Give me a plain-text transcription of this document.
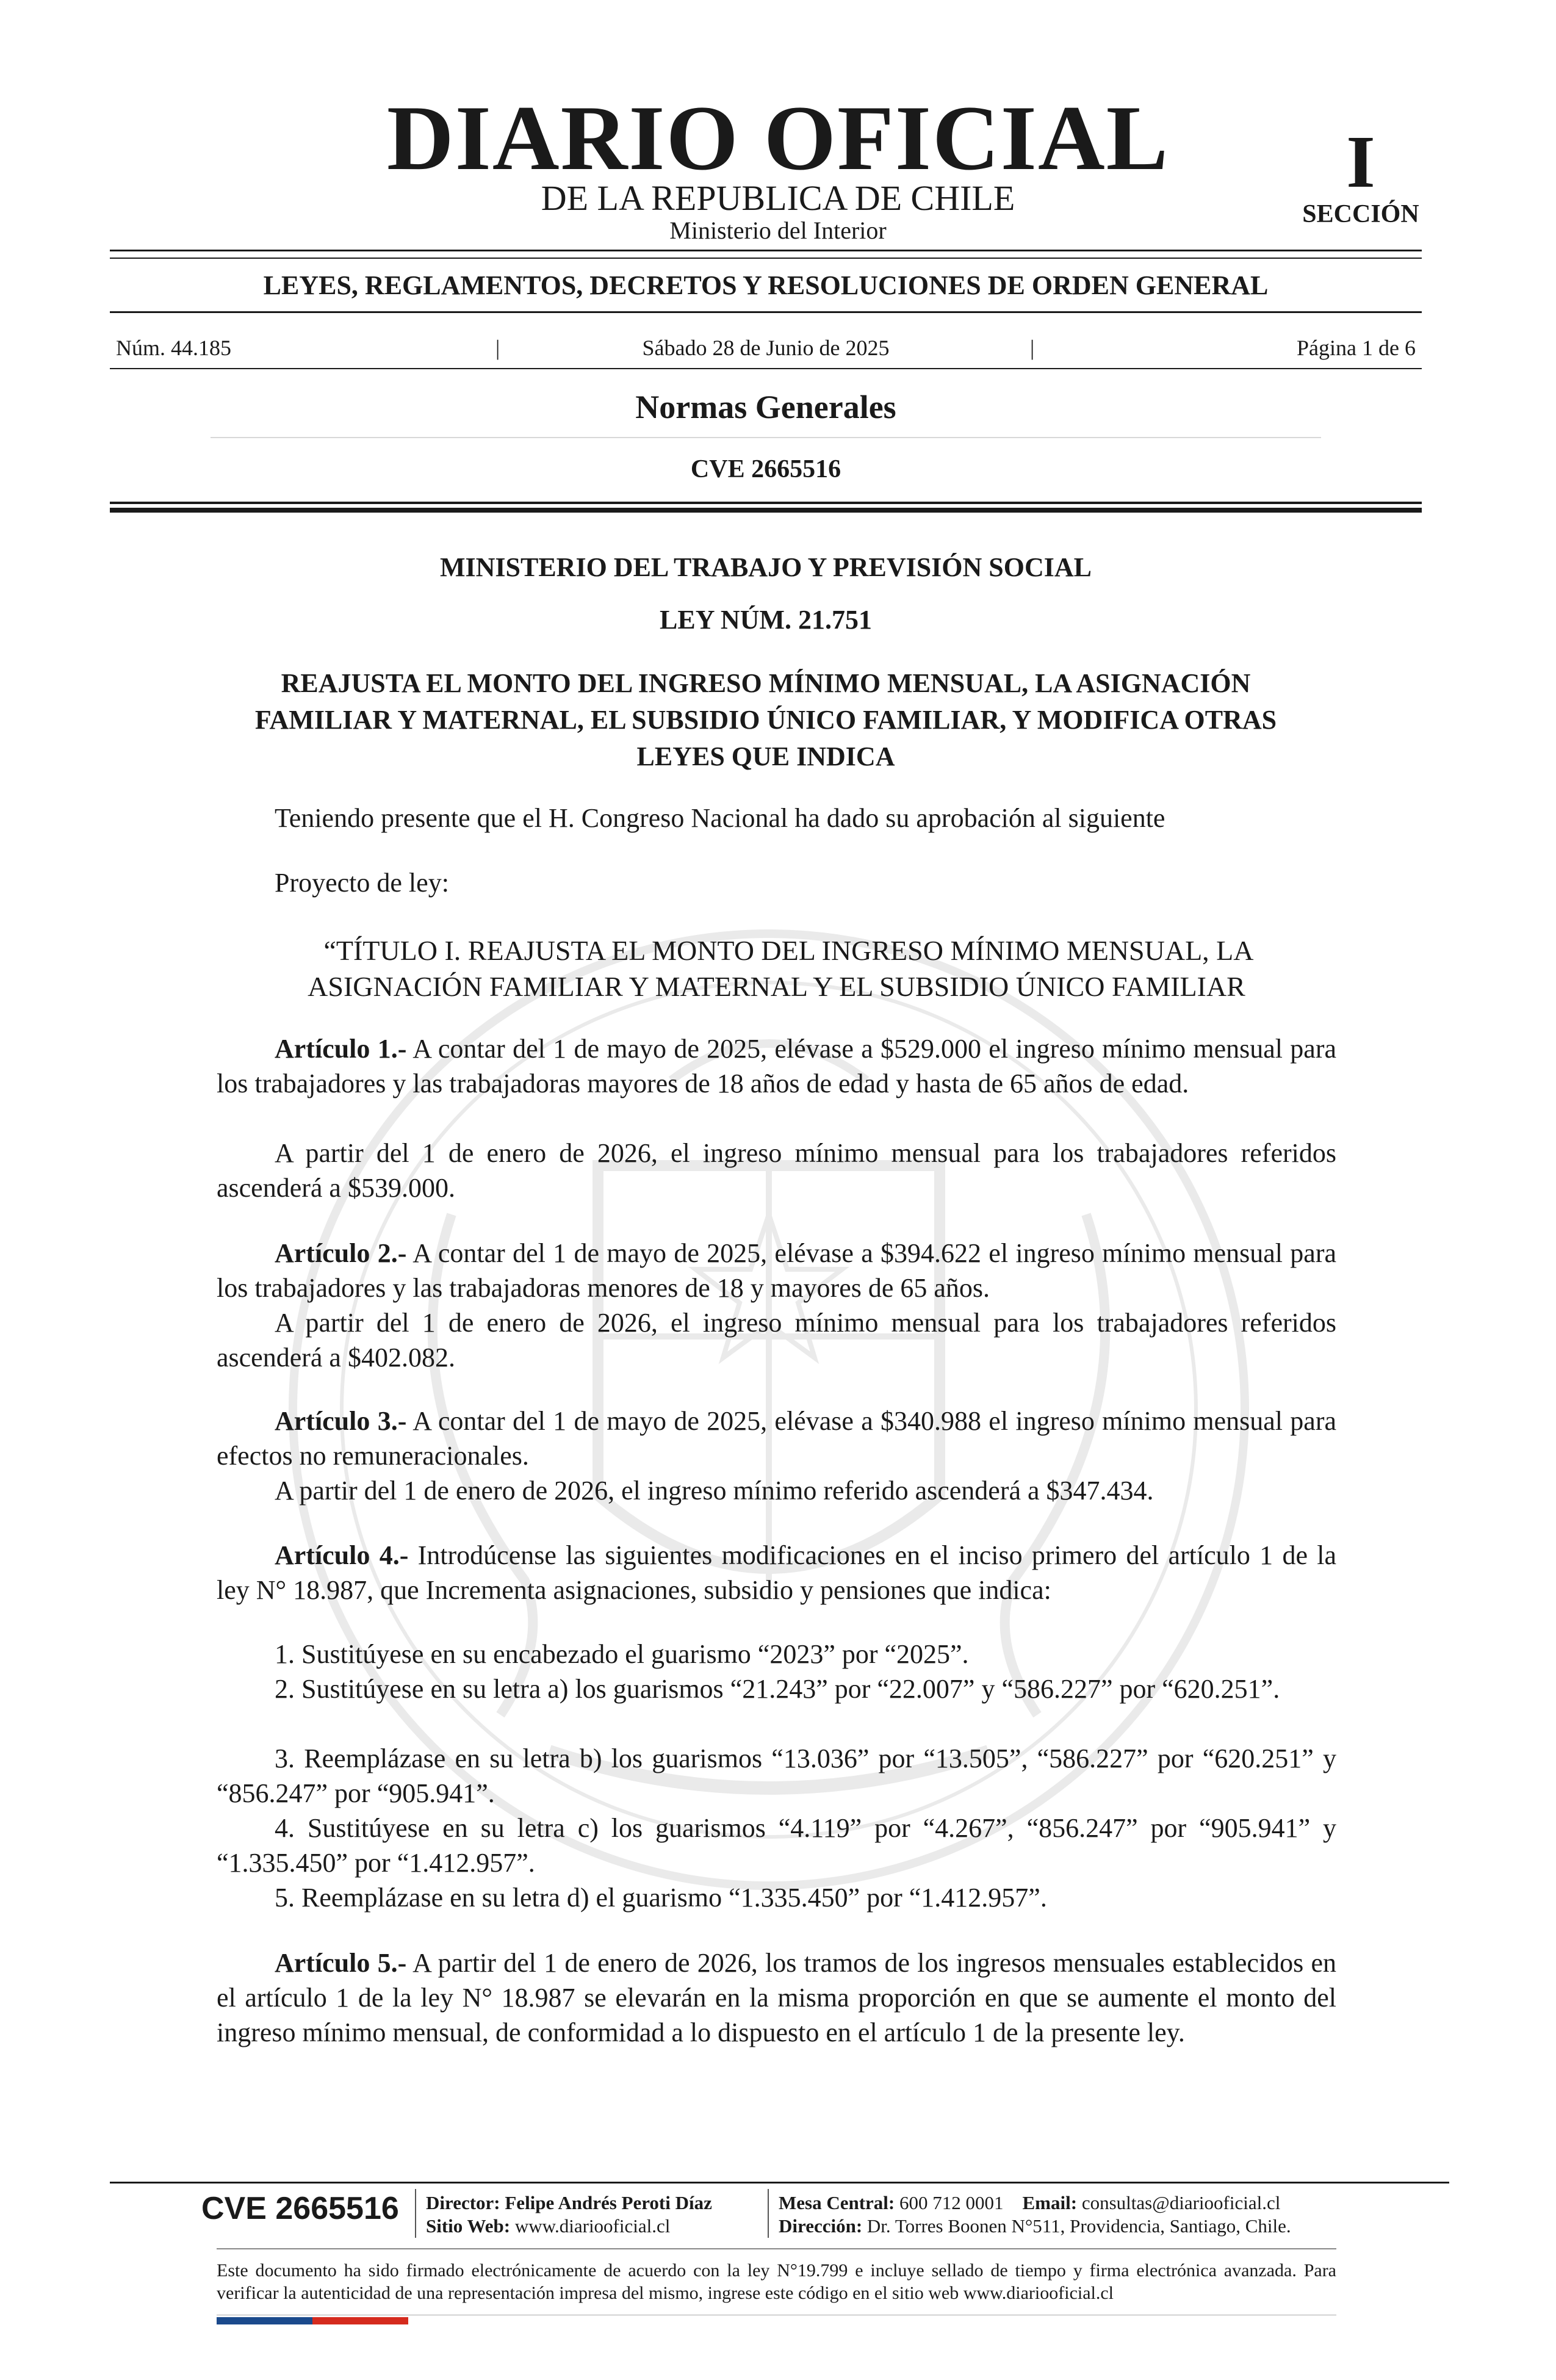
DIARIO OFICIAL
DE LA REPUBLICA DE CHILE
Ministerio del Interior
I
SECCIÓN
LEYES, REGLAMENTOS, DECRETOS Y RESOLUCIONES DE ORDEN GENERAL
Núm. 44.185	|	Sábado 28 de Junio de 2025	|	Página 1 de 6
Normas Generales
CVE 2665516
MINISTERIO DEL TRABAJO Y PREVISIÓN SOCIAL
LEY NÚM. 21.751
REAJUSTA EL MONTO DEL INGRESO MÍNIMO MENSUAL, LA ASIGNACIÓN
FAMILIAR Y MATERNAL, EL SUBSIDIO ÚNICO FAMILIAR, Y MODIFICA OTRAS
LEYES QUE INDICA
Teniendo presente que el H. Congreso Nacional ha dado su aprobación al siguiente
Proyecto de ley:
“TÍTULO I. REAJUSTA EL MONTO DEL INGRESO MÍNIMO MENSUAL, LA
ASIGNACIÓN FAMILIAR Y MATERNAL Y EL SUBSIDIO ÚNICO FAMILIAR
Artículo 1.- A contar del 1 de mayo de 2025, elévase a $529.000 el ingreso mínimo mensual para los trabajadores y las trabajadoras mayores de 18 años de edad y hasta de 65 años de edad.
A partir del 1 de enero de 2026, el ingreso mínimo mensual para los trabajadores referidos ascenderá a $539.000.
Artículo 2.- A contar del 1 de mayo de 2025, elévase a $394.622 el ingreso mínimo mensual para los trabajadores y las trabajadoras menores de 18 y mayores de 65 años.
A partir del 1 de enero de 2026, el ingreso mínimo mensual para los trabajadores referidos ascenderá a $402.082.
Artículo 3.- A contar del 1 de mayo de 2025, elévase a $340.988 el ingreso mínimo mensual para efectos no remuneracionales.
A partir del 1 de enero de 2026, el ingreso mínimo referido ascenderá a $347.434.
Artículo 4.- Introdúcense las siguientes modificaciones en el inciso primero del artículo 1 de la ley N° 18.987, que Incrementa asignaciones, subsidio y pensiones que indica:
1. Sustitúyese en su encabezado el guarismo “2023” por “2025”.
2. Sustitúyese en su letra a) los guarismos “21.243” por “22.007” y “586.227” por “620.251”.
3. Reemplázase en su letra b) los guarismos “13.036” por “13.505”, “586.227” por “620.251” y “856.247” por “905.941”.
4. Sustitúyese en su letra c) los guarismos “4.119” por “4.267”, “856.247” por “905.941” y “1.335.450” por “1.412.957”.
5. Reemplázase en su letra d) el guarismo “1.335.450” por “1.412.957”.
Artículo 5.- A partir del 1 de enero de 2026, los tramos de los ingresos mensuales establecidos en el artículo 1 de la ley N° 18.987 se elevarán en la misma proporción en que se aumente el monto del ingreso mínimo mensual, de conformidad a lo dispuesto en el artículo 1 de la presente ley.
CVE 2665516 Director: Felipe Andrés Peroti Díaz
Sitio Web: www.diariooficial.cl
Mesa Central: 600 712 0001 Email: consultas@diariooficial.cl
Dirección: Dr. Torres Boonen N°511, Providencia, Santiago, Chile.
Este documento ha sido firmado electrónicamente de acuerdo con la ley N°19.799 e incluye sellado de tiempo y firma electrónica avanzada. Para verificar la autenticidad de una representación impresa del mismo, ingrese este código en el sitio web www.diariooficial.cl
